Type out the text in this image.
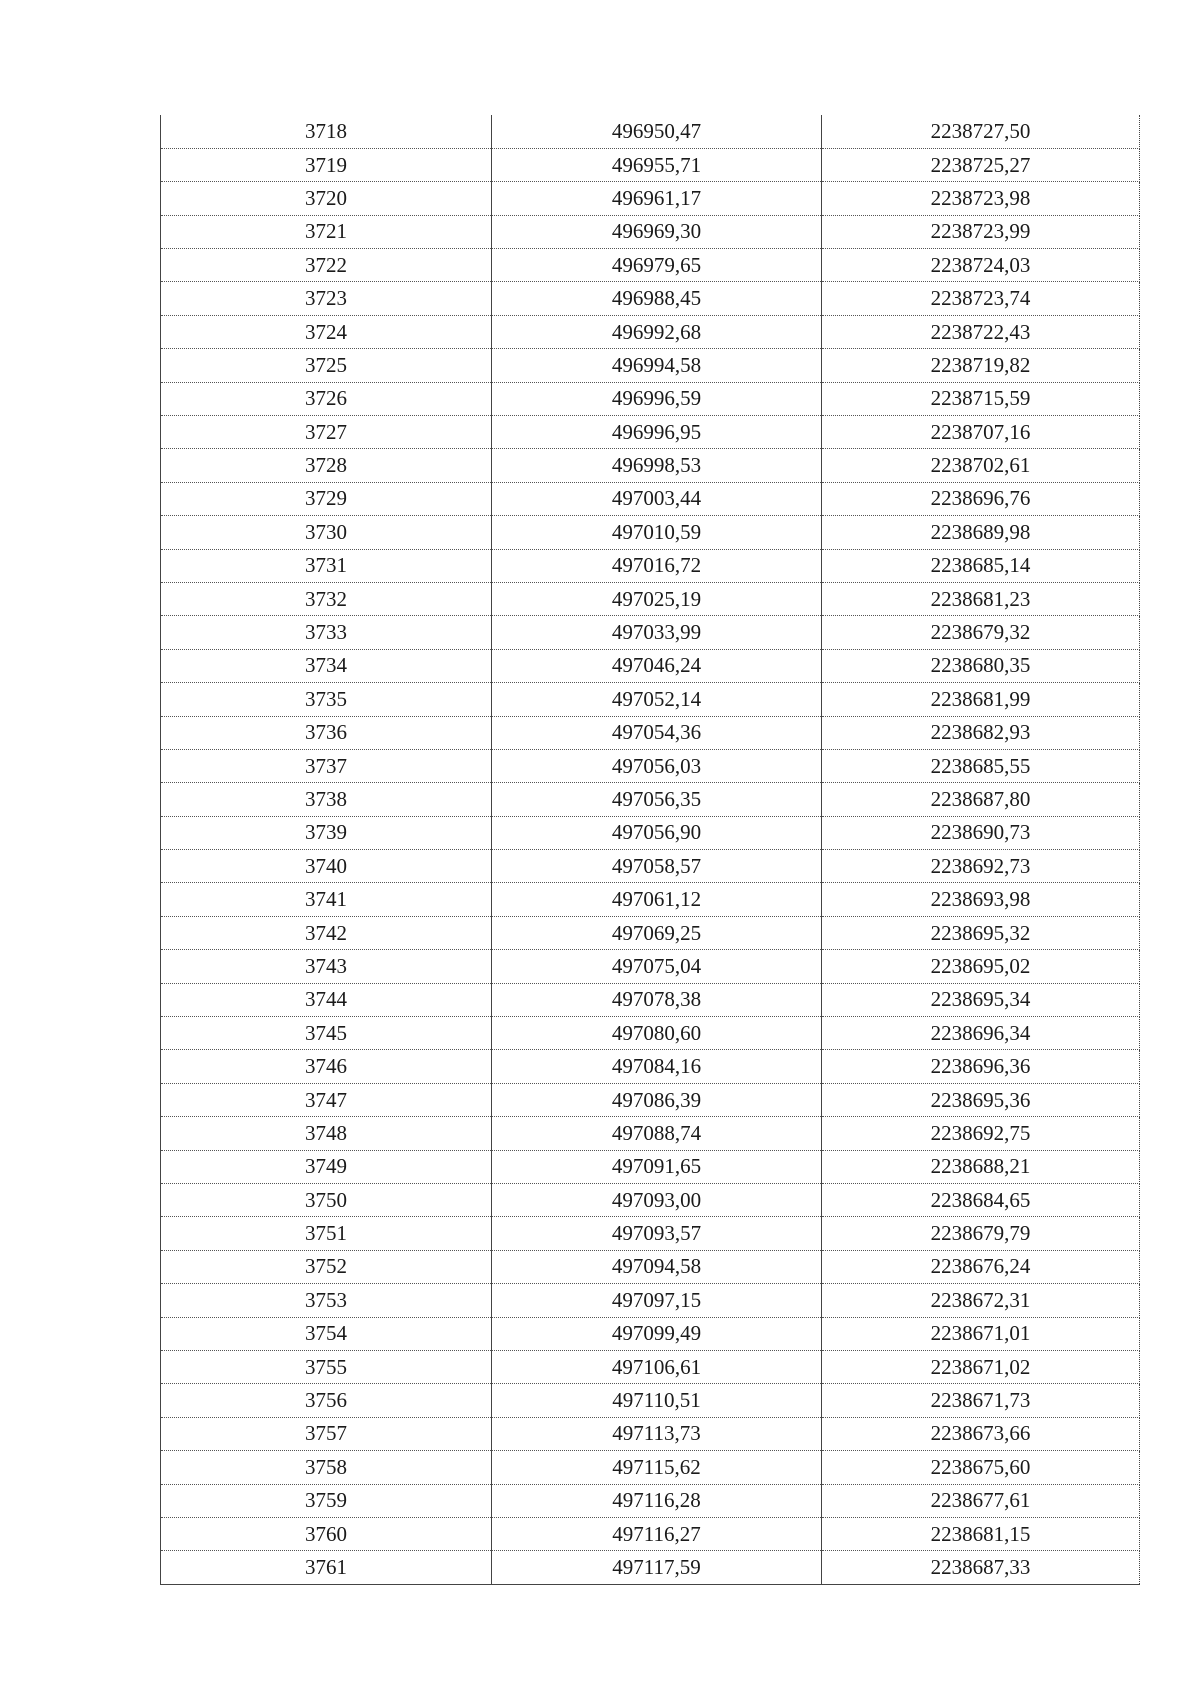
3718	496950,47	2238727,50
3719	496955,71	2238725,27
3720	496961,17	2238723,98
3721	496969,30	2238723,99
3722	496979,65	2238724,03
3723	496988,45	2238723,74
3724	496992,68	2238722,43
3725	496994,58	2238719,82
3726	496996,59	2238715,59
3727	496996,95	2238707,16
3728	496998,53	2238702,61
3729	497003,44	2238696,76
3730	497010,59	2238689,98
3731	497016,72	2238685,14
3732	497025,19	2238681,23
3733	497033,99	2238679,32
3734	497046,24	2238680,35
3735	497052,14	2238681,99
3736	497054,36	2238682,93
3737	497056,03	2238685,55
3738	497056,35	2238687,80
3739	497056,90	2238690,73
3740	497058,57	2238692,73
3741	497061,12	2238693,98
3742	497069,25	2238695,32
3743	497075,04	2238695,02
3744	497078,38	2238695,34
3745	497080,60	2238696,34
3746	497084,16	2238696,36
3747	497086,39	2238695,36
3748	497088,74	2238692,75
3749	497091,65	2238688,21
3750	497093,00	2238684,65
3751	497093,57	2238679,79
3752	497094,58	2238676,24
3753	497097,15	2238672,31
3754	497099,49	2238671,01
3755	497106,61	2238671,02
3756	497110,51	2238671,73
3757	497113,73	2238673,66
3758	497115,62	2238675,60
3759	497116,28	2238677,61
3760	497116,27	2238681,15
3761	497117,59	2238687,33
